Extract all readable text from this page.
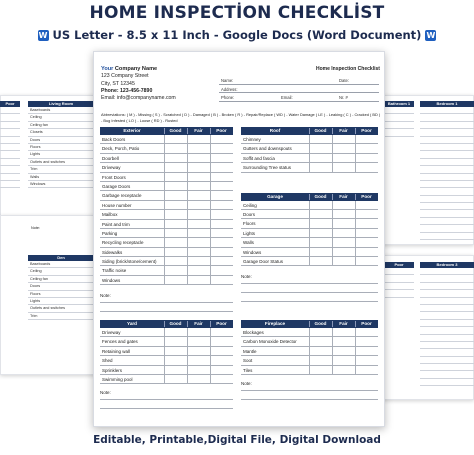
HOME INSPECTİON CHECKLİST
W US Letter - 8.5 x 11 Inch - Google Docs (Word Document) W
Living Room
Baseboards
Ceiling
Ceiling fan
Closets
Doors
Floors
Lights
Outlets and switches
Trim
Walls
Windows
Poor
Den
Baseboards
Ceiling
Ceiling fan
Doors
Floors
Lights
Outlets and switches
Trim
Note:
Bathroom 1	Bedroom 1
Bedroom 3
Poor
Your Company Name
123 Company Street
City, ST 12345
Phone: 123-456-7890
Email: info@companyname.com
Home Inspection Checklist
Name:	Date:
Address:
Phone:	Email:	Nr. #
Abbreviations: ( M ) - Missing ( S ) - Scratched ( D ) - Damaged ( B ) - Broken ( R ) - Repair/Replace ( WD ) - Water Damage ( LE ) - Leaking ( C ) - Cracked ( BD ) - Bug Infested ( LO ) - Loose ( RD ) - Rusted
Exterior	Good	Fair	Poor
Back Doors
Deck, Porch, Patio
Doorbell
Driveway
Front Doors
Garage Doors
Garbage receptacle
House number
Mailbox
Paint and trim
Parking
Recycling receptacle
Sidewalks
Siding (brick/stone/cement)
Traffic noise
Windows
Note:
Roof	Good	Fair	Poor
Chimney
Gutters and downspouts
Soffit and fascia
Surrounding Tree status
Garage	Good	Fair	Poor
Ceiling
Doors
Floors
Lights
Walls
Windows
Garage Door Status
Note:
Yard	Good	Fair	Poor
Driveway
Fences and gates
Retaining wall
Shed
Sprinklers
Swimming pool
Note:
Fireplace	Good	Fair	Poor
Blockages
Carbon Monoxide Detector
Mantle
Soot
Tiles
Note:
Editable, Printable,Digital File, Digital Download
